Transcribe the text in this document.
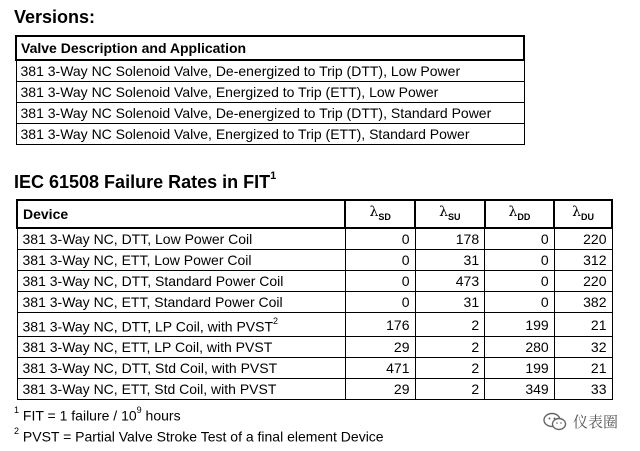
Versions:
Valve Description and Application
381 3-Way NC Solenoid Valve, De-energized to Trip (DTT), Low Power
381 3-Way NC Solenoid Valve, Energized to Trip (ETT), Low Power
381 3-Way NC Solenoid Valve, De-energized to Trip (DTT), Standard Power
381 3-Way NC Solenoid Valve, Energized to Trip (ETT), Standard Power
IEC 61508 Failure Rates in FIT$^1$
Device	$\lambda_{SD}$	$\lambda_{SU}$	$\lambda_{DD}$	$\lambda_{DU}$
381 3-Way NC, DTT, Low Power Coil	0	178	0	220
381 3-Way NC, ETT, Low Power Coil	0	31	0	312
381 3-Way NC, DTT, Standard Power Coil	0	473	0	220
381 3-Way NC, ETT, Standard Power Coil	0	31	0	382
381 3-Way NC, DTT, LP Coil, with PVST$^2$	176	2	199	21
381 3-Way NC, ETT, LP Coil, with PVST	29	2	280	32
381 3-Way NC, DTT, Std Coil, with PVST	471	2	199	21
381 3-Way NC, ETT, Std Coil, with PVST	29	2	349	33
$^1$ FIT = 1 failure / $10^9$ hours
$^2$ PVST = Partial Valve Stroke Test of a final element Device
仪表圈
